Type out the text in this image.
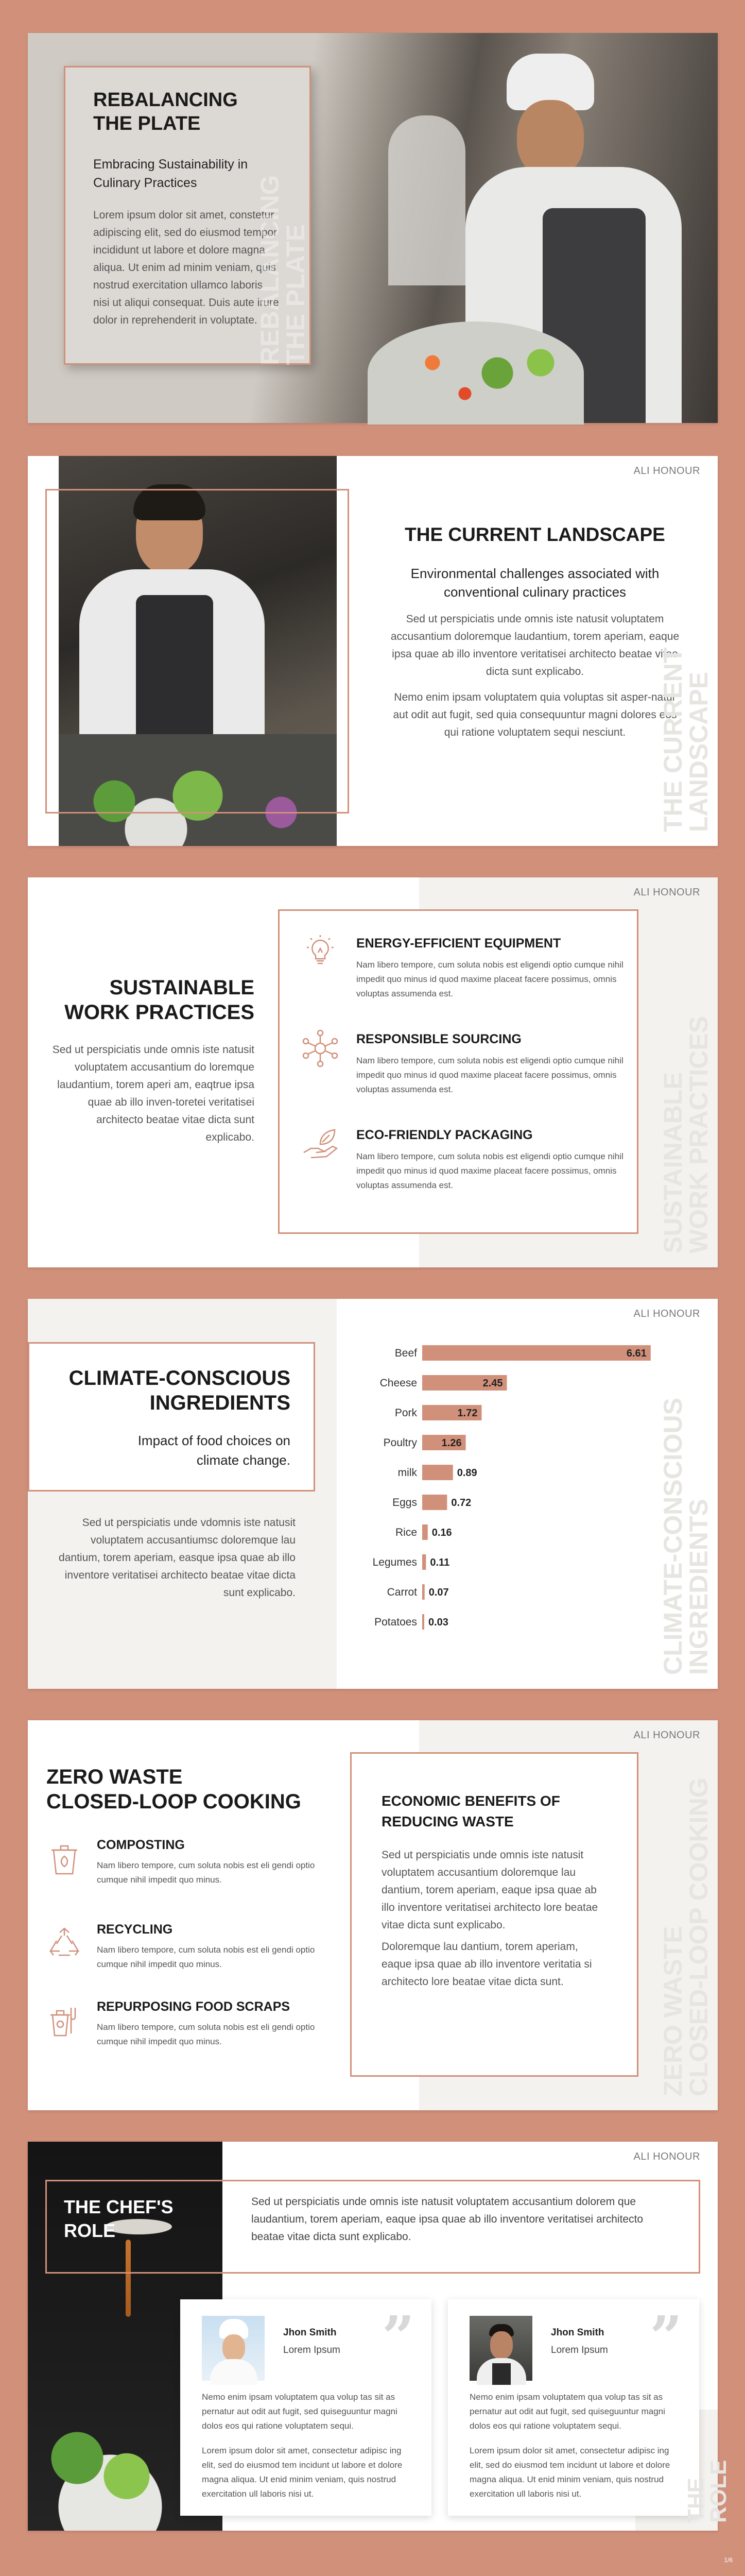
REBALANCING
THE PLATE
Embracing Sustainability in
Culinary Practices

Lorem ipsum dolor sit amet, constetur adipiscing elit, sed do eiusmod tempor incididunt ut labore et dolore magna aliqua. Ut enim ad minim veniam, quis nostrud exercitation ullamco laboris nisi ut aliqui consequat. Duis aute irure dolor in reprehenderit in voluptate.

REBALANCING
THE PLATE
ALI HONOUR
THE CURRENT LANDSCAPE
Environmental challenges associated with conventional culinary practices

Sed ut perspiciatis unde omnis iste natusit voluptatem accusantium doloremque laudantium, torem aperiam, eaque ipsa quae ab illo inventore veritatisei architecto beatae vitae dicta sunt explicabo.

Nemo enim ipsam voluptatem quia voluptas sit asper-natur aut odit aut fugit, sed quia consequuntur magni dolores eos qui ratione voluptatem sequi nesciunt.	THE CURRENT
LANDSCAPE
ALI HONOUR
SUSTAINABLE
WORK PRACTICES

Sed ut perspiciatis unde omnis iste natusit voluptatem accusantium do loremque laudantium, torem aperi am, eaqtrue ipsa quae ab illo inven-toretei veritatisei architecto beatae vitae dicta sunt explicabo.

ENERGY-EFFICIENT EQUIPMENT

Nam libero tempore, cum soluta nobis est eligendi optio cumque nihil impedit quo minus id quod maxime placeat facere possimus, omnis voluptas assumenda est.

RESPONSIBLE SOURCING

Nam libero tempore, cum soluta nobis est eligendi optio cumque nihil impedit quo minus id quod maxime placeat facere possimus, omnis voluptas assumenda est.

ECO-FRIENDLY PACKAGING

Nam libero tempore, cum soluta nobis est eligendi optio cumque nihil impedit quo minus id quod maxime placeat facere possimus, omnis voluptas assumenda est.	SUSTAINABLE
WORK PRACTICES
ALI HONOUR
CLIMATE-CONSCIOUS
INGREDIENTS
Impact of food choices on climate change.

Sed ut perspiciatis unde vdomnis iste natusit voluptatem accusantiumsc doloremque lau dantium, torem aperiam, easque ipsa quae ab illo inventore veritatisei architecto beatae vitae dicta sunt explicabo.

Beef	6.61
Cheese	2.45
Pork	1.72
Poultry 1.26
milk	0.89
Eggs	0.72
Rice 0.16
Legumes 0.11
Carrot 0.07
Potatoes 0.03	CLIMATE-CONSCIOUS
INGREDIENTS
ALI HONOUR
ZERO WASTE
CLOSED-LOOP COOKING
COMPOSTING

Nam libero tempore, cum soluta nobis est eli gendi optio cumque nihil impedit quo minus.

RECYCLING

Nam libero tempore, cum soluta nobis est eli gendi optio cumque nihil impedit quo minus.

REPURPOSING FOOD SCRAPS

Nam libero tempore, cum soluta nobis est eli gendi optio cumque nihil impedit quo minus.

ECONOMIC BENEFITS OF
REDUCING WASTE

Sed ut perspiciatis unde omnis iste natusit voluptatem accusantium doloremque lau dantium, torem aperiam, eaque ipsa quae ab illo inventore veritatisei architecto lore beatae vitae dicta sunt explicabo.

Doloremque lau dantium, torem aperiam, eaque ipsa quae ab illo inventore veritatia si architecto lore beatae vitae dicta sunt.	ZERO WASTE
CLOSED-LOOP COOKING
ALI HONOUR
THE CHEF'S
ROLE

Sed ut perspiciatis unde omnis iste natusit voluptatem accusantium dolorem que laudantium, torem aperiam, eaque ipsa quae ab illo inventore veritatisei architecto beatae vitae dicta sunt explicabo.

Jhon Smith
Lorem Ipsum ”

Nemo enim ipsam voluptatem qua volup tas sit as pernatur aut odit aut fugit, sed quiseguuntur magni dolos eos qui ratione voluptatem sequi.

Lorem ipsum dolor sit amet, consectetur adipisc ing elit, sed do eiusmod tem incidunt ut labore et dolore magna aliqua. Ut enid minim veniam, quis nostrud exercitation ull laboris nisi ut.

Jhon Smith
Lorem Ipsum ”

Nemo enim ipsam voluptatem qua volup tas sit as pernatur aut odit aut fugit, sed quiseguuntur magni dolos eos qui ratione voluptatem sequi.

Lorem ipsum dolor sit amet, consectetur adipisc ing elit, sed do eiusmod tem incidunt ut labore et dolore magna aliqua. Ut enid minim veniam, quis nostrud exercitation ull laboris nisi ut.	THE
ROLE
1/6
